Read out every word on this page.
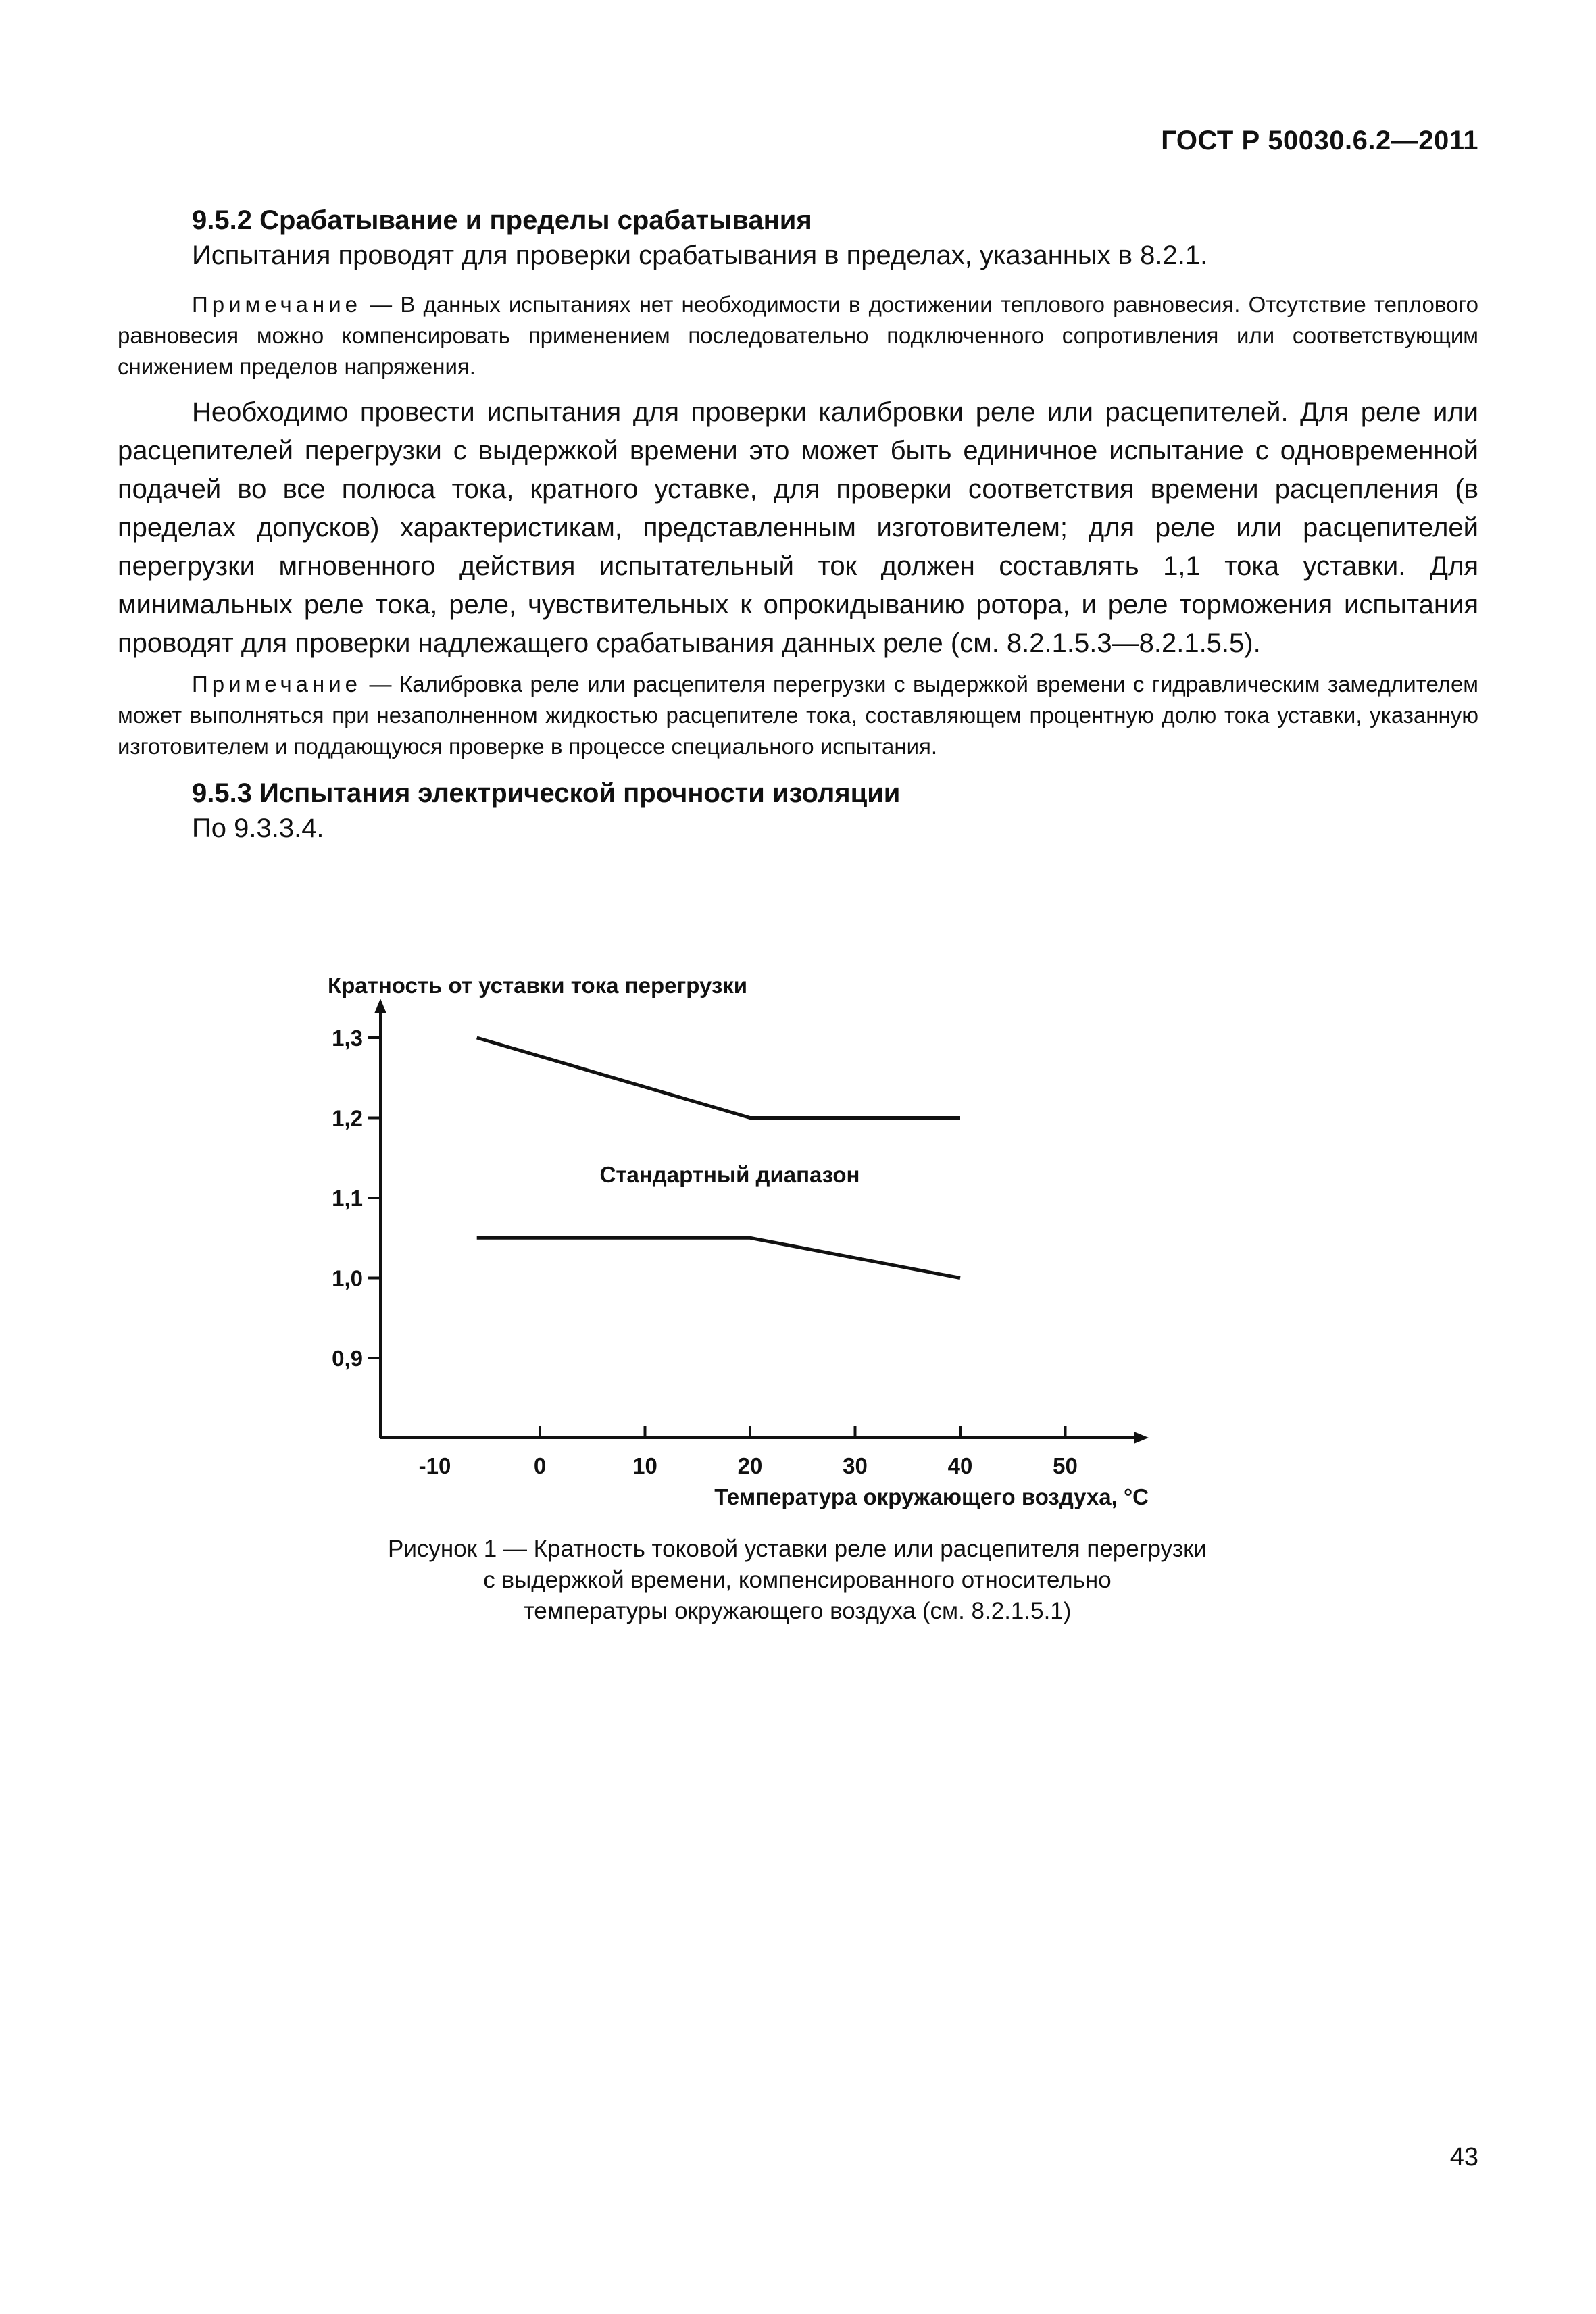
ГОСТ Р 50030.6.2—2011
9.5.2 Срабатывание и пределы срабатывания
Испытания проводят для проверки срабатывания в пределах, указанных в 8.2.1.
Примечание — В данных испытаниях нет необходимости в достижении теплового равновесия. Отсутствие теплового равновесия можно компенсировать применением последовательно подключенного сопротивления или соответствующим снижением пределов напряжения.
Необходимо провести испытания для проверки калибровки реле или расцепителей. Для реле или расцепителей перегрузки с выдержкой времени это может быть единичное испытание с одновременной подачей во все полюса тока, кратного уставке, для проверки соответствия времени расцепления (в пределах допусков) характеристикам, представленным изготовителем; для реле или расцепителей перегрузки мгновенного действия испытательный ток должен составлять 1,1 тока уставки. Для минимальных реле тока, реле, чувствительных к опрокидыванию ротора, и реле торможения испытания проводят для проверки надлежащего срабатывания данных реле (см. 8.2.1.5.3—8.2.1.5.5).
Примечание — Калибровка реле или расцепителя перегрузки с выдержкой времени с гидравлическим замедлителем может выполняться при незаполненном жидкостью расцепителе тока, составляющем процентную долю тока уставки, указанную изготовителем и поддающуюся проверке в процессе специального испытания.
9.5.3 Испытания электрической прочности изоляции
По 9.3.3.4.
0,9
1,0
1,1
1,2
1,3
-10	0	10	20	30	40	50
Кратность от уставки тока перегрузки
Температура окружающего воздуха, °C
Стандартный диапазон
Рисунок 1 — Кратность токовой уставки реле или расцепителя перегрузки
с выдержкой времени, компенсированного относительно
температуры окружающего воздуха (см. 8.2.1.5.1)
43
